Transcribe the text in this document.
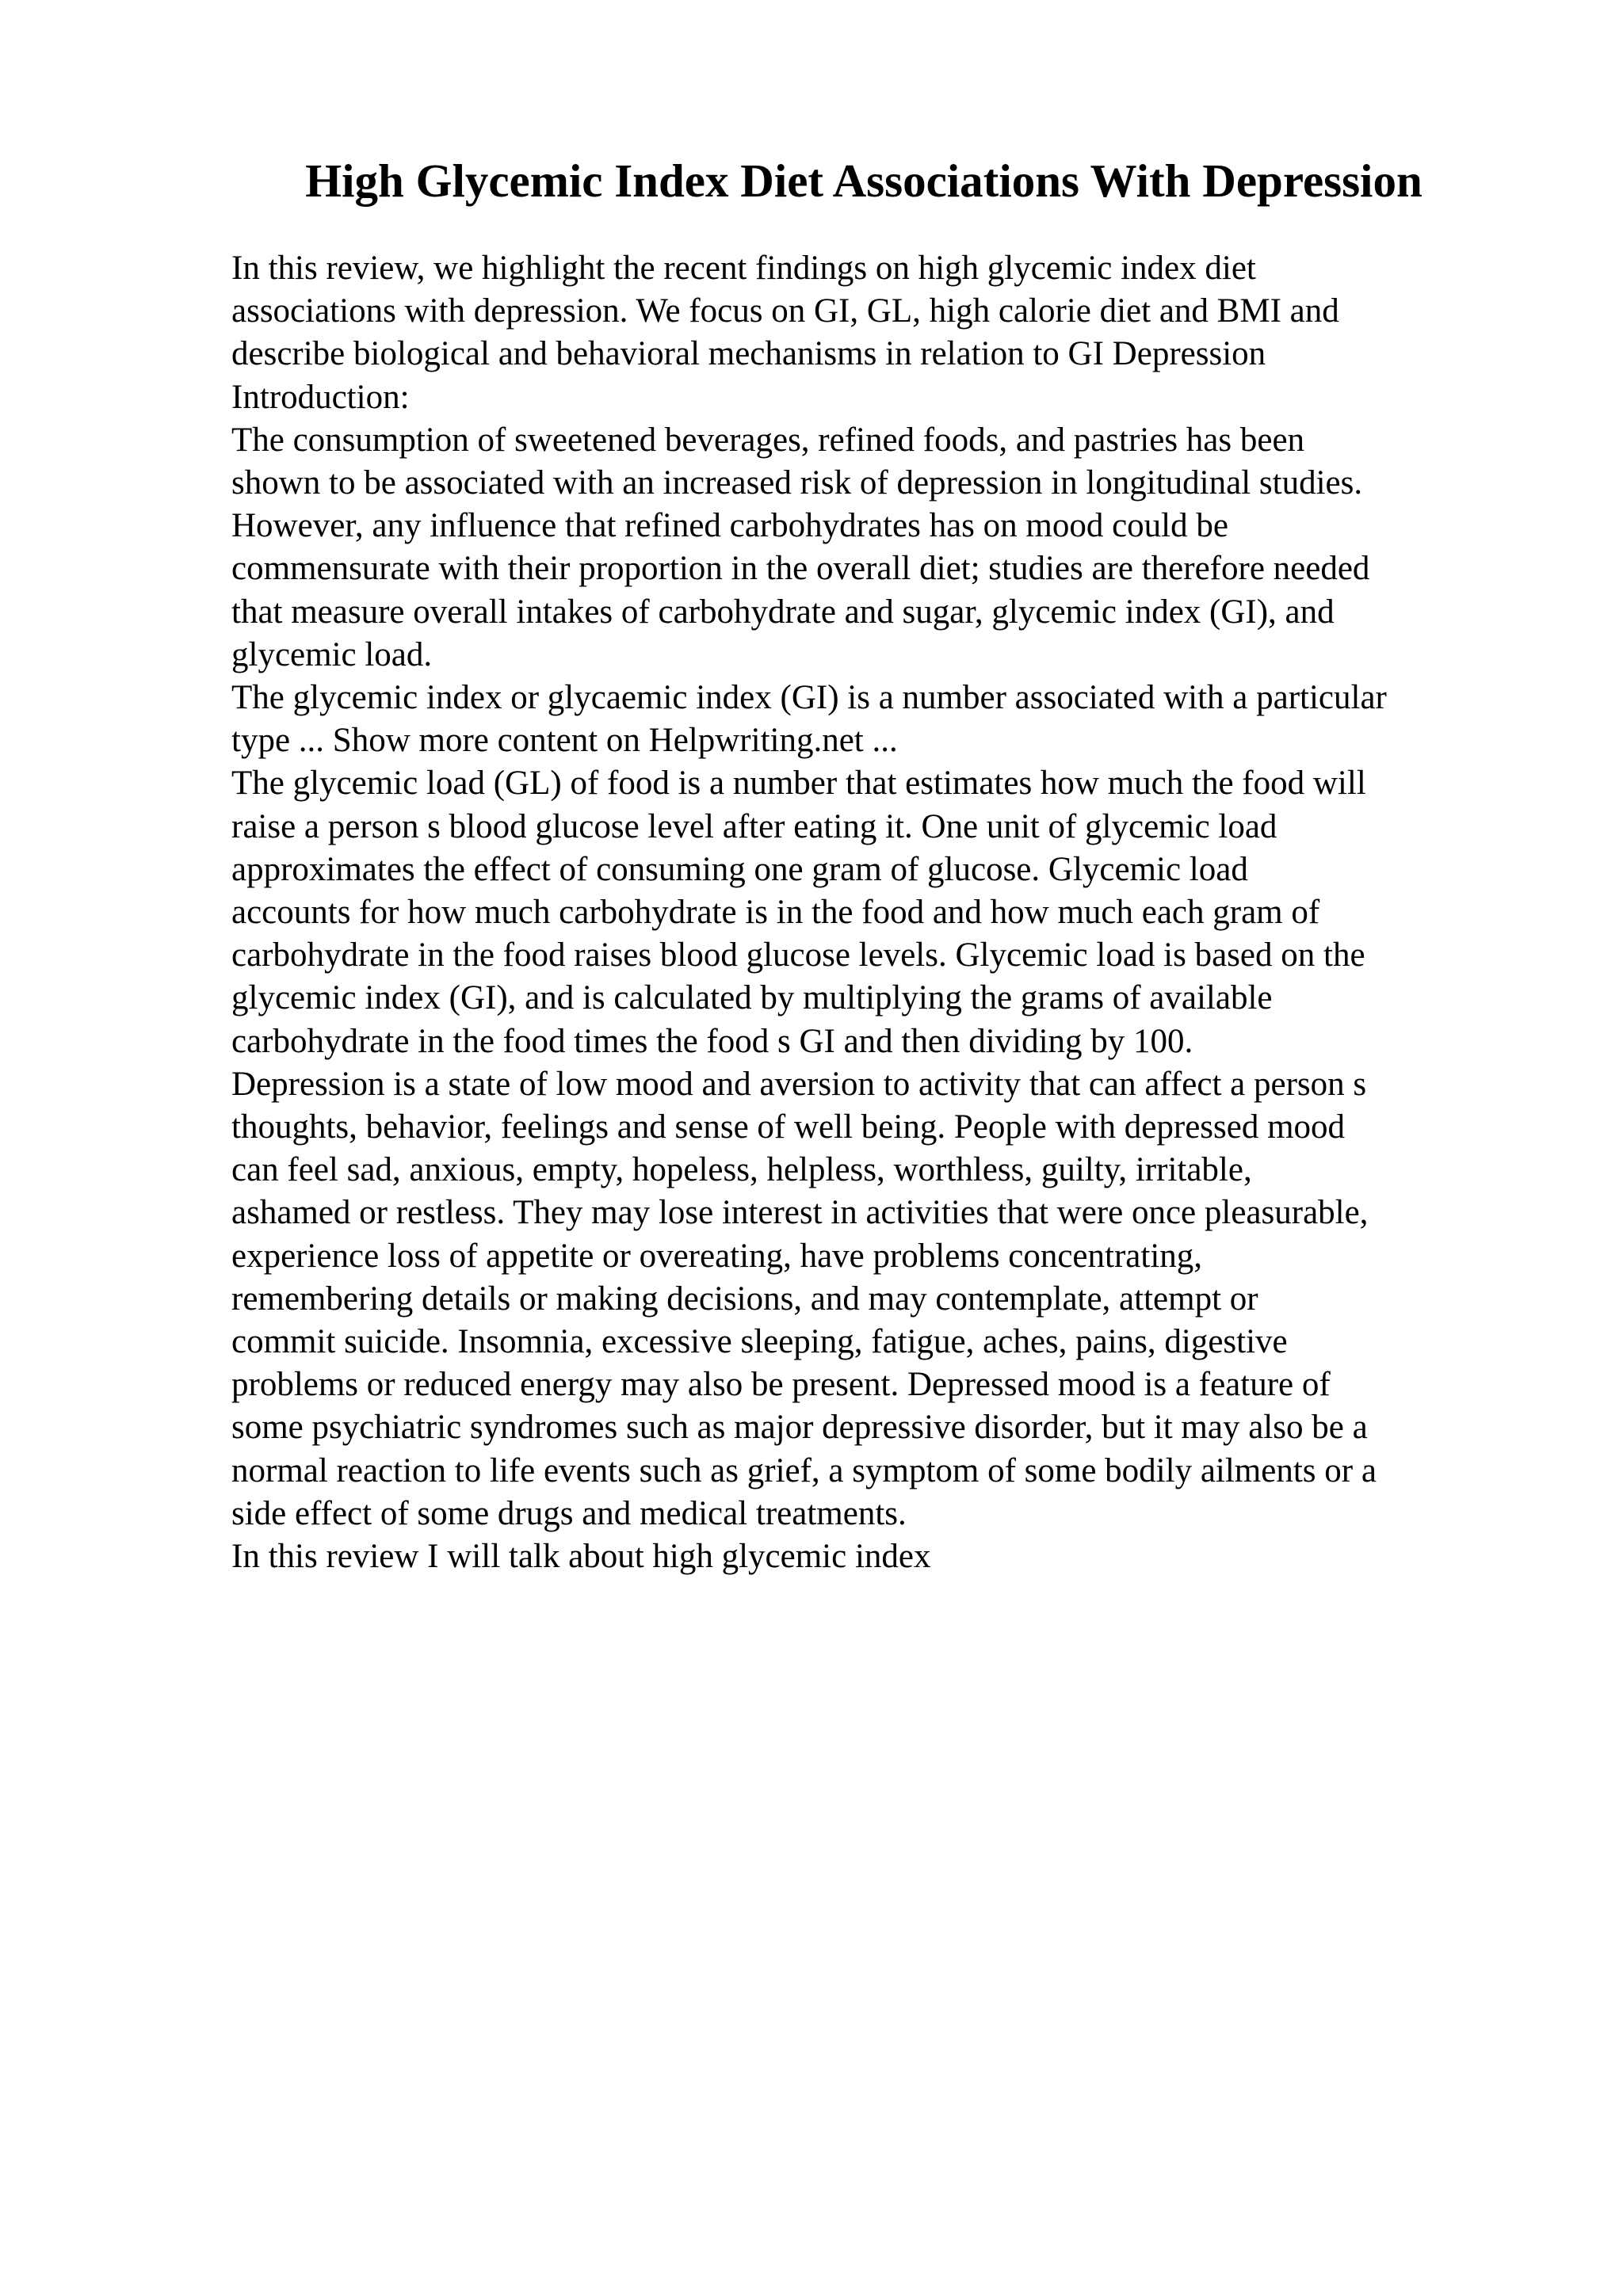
High Glycemic Index Diet Associations With Depression
In this review, we highlight the recent findings on high glycemic index diet
associations with depression. We focus on GI, GL, high calorie diet and BMI and
describe biological and behavioral mechanisms in relation to GI Depression
Introduction:
The consumption of sweetened beverages, refined foods, and pastries has been
shown to be associated with an increased risk of depression in longitudinal studies.
However, any influence that refined carbohydrates has on mood could be
commensurate with their proportion in the overall diet; studies are therefore needed
that measure overall intakes of carbohydrate and sugar, glycemic index (GI), and
glycemic load.
The glycemic index or glycaemic index (GI) is a number associated with a particular
type ... Show more content on Helpwriting.net ...
The glycemic load (GL) of food is a number that estimates how much the food will
raise a person s blood glucose level after eating it. One unit of glycemic load
approximates the effect of consuming one gram of glucose. Glycemic load
accounts for how much carbohydrate is in the food and how much each gram of
carbohydrate in the food raises blood glucose levels. Glycemic load is based on the
glycemic index (GI), and is calculated by multiplying the grams of available
carbohydrate in the food times the food s GI and then dividing by 100.
Depression is a state of low mood and aversion to activity that can affect a person s
thoughts, behavior, feelings and sense of well being. People with depressed mood
can feel sad, anxious, empty, hopeless, helpless, worthless, guilty, irritable,
ashamed or restless. They may lose interest in activities that were once pleasurable,
experience loss of appetite or overeating, have problems concentrating,
remembering details or making decisions, and may contemplate, attempt or
commit suicide. Insomnia, excessive sleeping, fatigue, aches, pains, digestive
problems or reduced energy may also be present. Depressed mood is a feature of
some psychiatric syndromes such as major depressive disorder, but it may also be a
normal reaction to life events such as grief, a symptom of some bodily ailments or a
side effect of some drugs and medical treatments.
In this review I will talk about high glycemic index
